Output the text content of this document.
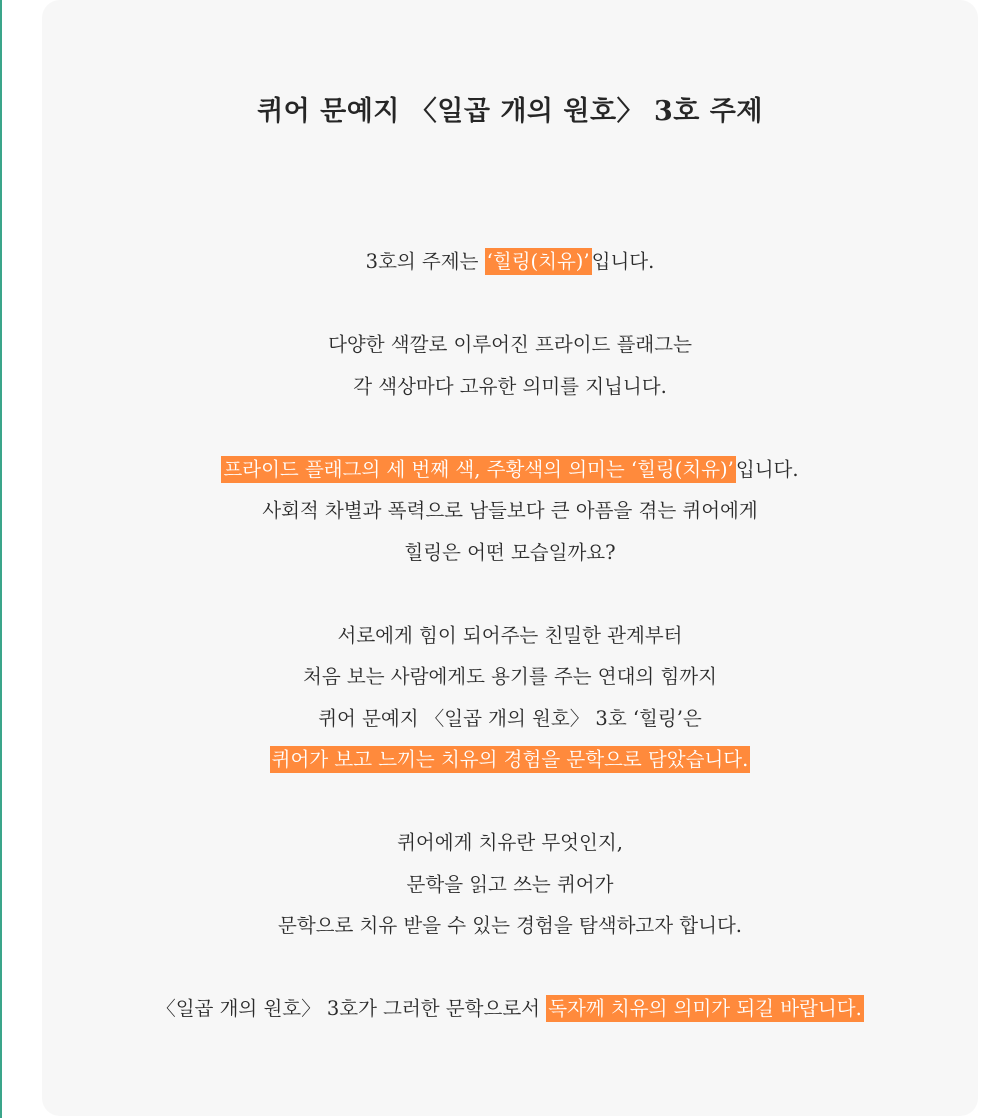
퀴어 문예지 〈일곱 개의 원호〉 3호 주제
3호의 주제는 ‘힐링(치유)’ 입니다.
다양한 색깔로 이루어진 프라이드 플래그는
각 색상마다 고유한 의미를 지닙니다.
프라이드 플래그의 세 번째 색, 주황색의 의미는 ‘힐링(치유)’ 입니다.
사회적 차별과 폭력으로 남들보다 큰 아픔을 겪는 퀴어에게
힐링은 어떤 모습일까요?
서로에게 힘이 되어주는 친밀한 관계부터
처음 보는 사람에게도 용기를 주는 연대의 힘까지
퀴어 문예지 〈일곱 개의 원호〉 3호 ‘힐링’은
퀴어가 보고 느끼는 치유의 경험을 문학으로 담았습니다.
퀴어에게 치유란 무엇인지,
문학을 읽고 쓰는 퀴어가
문학으로 치유 받을 수 있는 경험을 탐색하고자 합니다.
〈일곱 개의 원호〉 3호가 그러한 문학으로서 독자께 치유의 의미가 되길 바랍니다.
